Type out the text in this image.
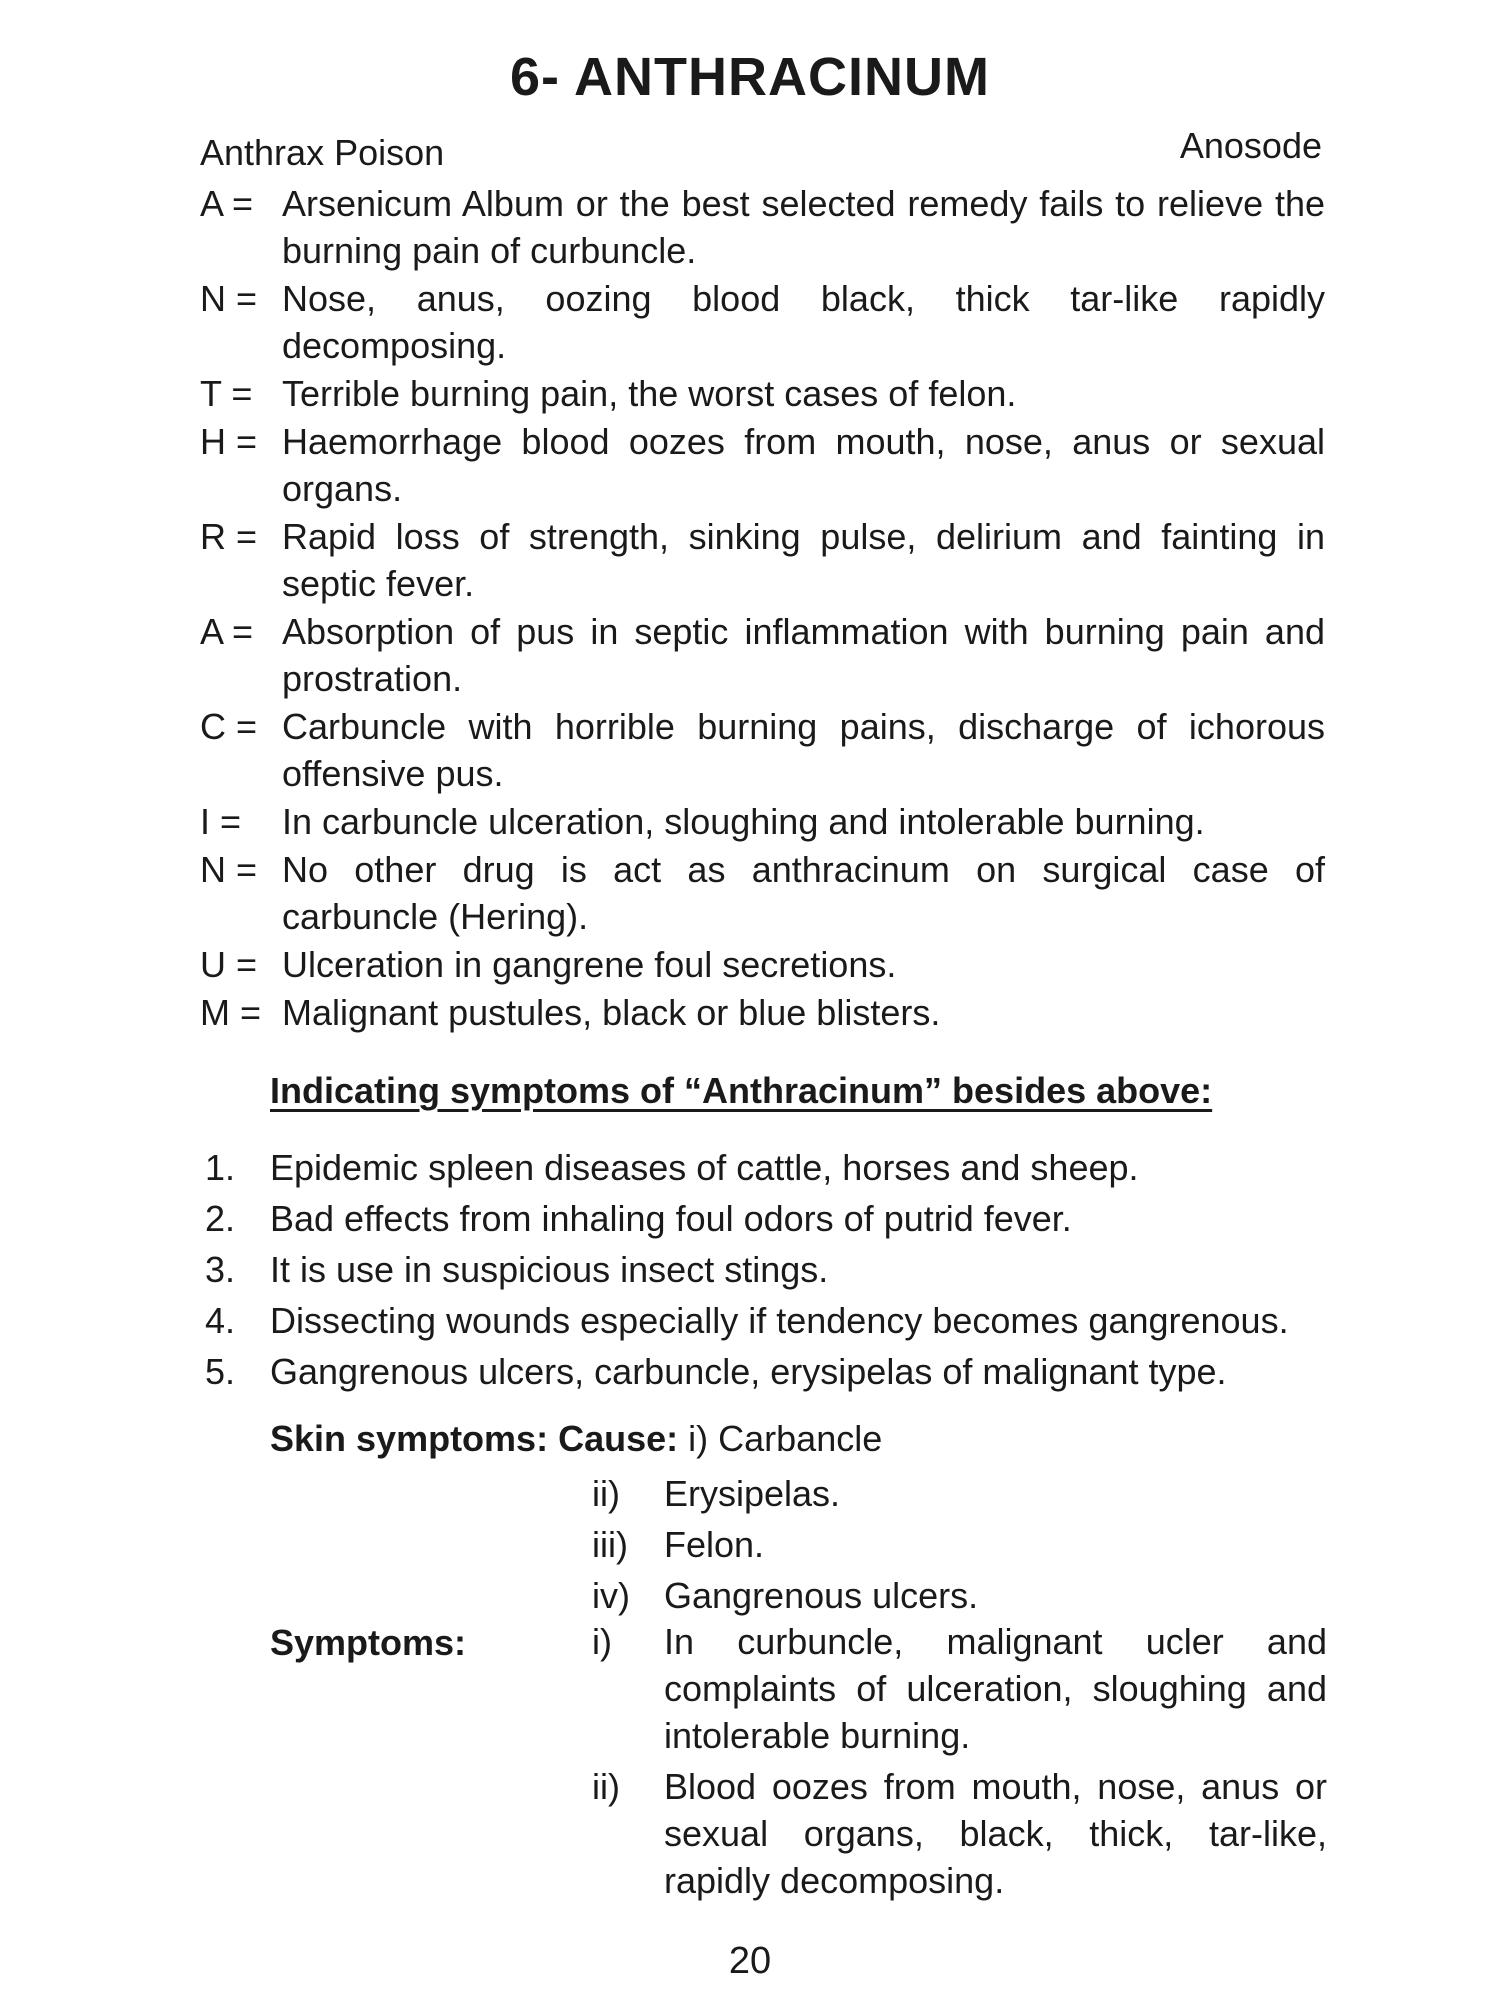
6- ANTHRACINUM
Anthrax Poison	Anosode
A = Arsenicum Album or the best selected remedy fails to relieve the burning pain of curbuncle.
N = Nose, anus, oozing blood black, thick tar-like rapidly decomposing.
T = Terrible burning pain, the worst cases of felon.
H = Haemorrhage blood oozes from mouth, nose, anus or sexual organs.
R = Rapid loss of strength, sinking pulse, delirium and fainting in septic fever.
A = Absorption of pus in septic inflammation with burning pain and prostration.
C = Carbuncle with horrible burning pains, discharge of ichorous offensive pus.
I =	In carbuncle ulceration, sloughing and intolerable burning.
N = No other drug is act as anthracinum on surgical case of carbuncle (Hering).
U = Ulceration in gangrene foul secretions.
M = Malignant pustules, black or blue blisters.
Indicating symptoms of “Anthracinum” besides above:
1. Epidemic spleen diseases of cattle, horses and sheep.
2. Bad effects from inhaling foul odors of putrid fever.
3. It is use in suspicious insect stings.
4. Dissecting wounds especially if tendency becomes gangrenous.
5. Gangrenous ulcers, carbuncle, erysipelas of malignant type.
Skin symptoms: Cause: i) Carbancle
ii)	Erysipelas.
iii)	Felon.
iv) Gangrenous ulcers.
Symptoms:	i)	In curbuncle, malignant ucler and complaints of ulceration, sloughing and intolerable burning.
ii)	Blood oozes from mouth, nose, anus or sexual organs, black, thick, tar-like, rapidly decomposing.
20
